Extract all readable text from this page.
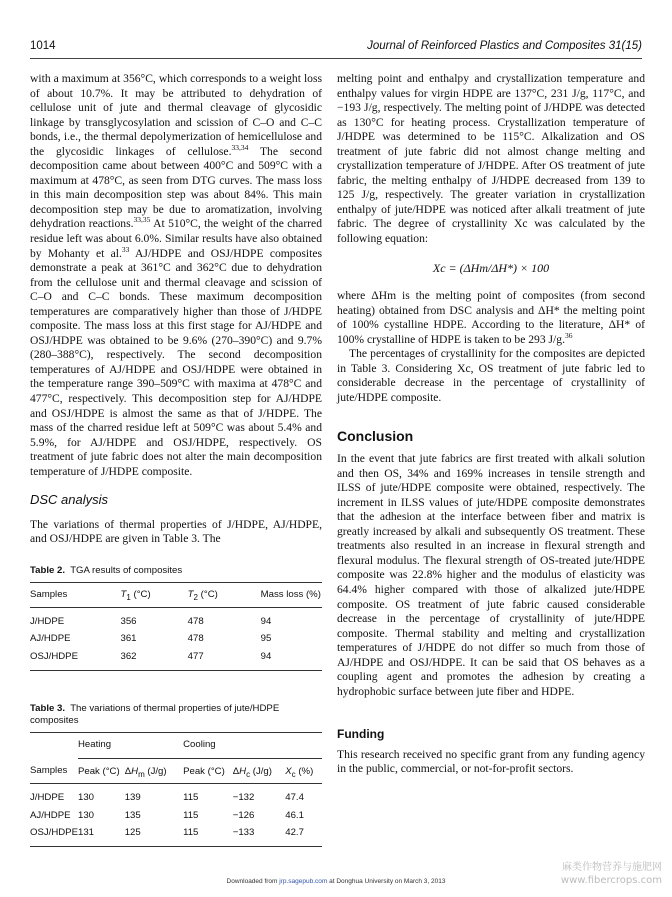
1014	Journal of Reinforced Plastics and Composites 31(15)

with a maximum at 356°C, which corresponds to a weight loss of about 10.7%. It may be attributed to dehydration of cellulose unit of jute and thermal cleavage of glycosidic linkage by transglycosylation and scission of C–O and C–C bonds, i.e., the thermal depolymerization of hemicellulose and the glycosidic linkages of cellulose.$^{33,34}$ The second decomposition came about between 400°C and 509°C with a maximum at 478°C, as seen from DTG curves. The mass loss in this main decomposition step was about 84%. This main decomposition step may be due to aromatization, involving dehydration reactions.$^{33,35}$ At 510°C, the weight of the charred residue left was about 6.0%. Similar results have also obtained by Mohanty et al.$^{33}$ AJ/HDPE and OSJ/HDPE composites demonstrate a peak at 361°C and 362°C due to dehydration from the cellulose unit and thermal cleavage and scission of C–O and C–C bonds. These maximum decomposition temperatures are comparatively higher than those of J/HDPE composite. The mass loss at this first stage for AJ/HDPE and OSJ/HDPE was obtained to be 9.6% (270–390°C) and 9.7% (280–388°C), respectively. The second decomposition temperatures of AJ/HDPE and OSJ/HDPE were obtained in the temperature range 390–509°C with maxima at 478°C and 477°C, respectively. This decomposition step for AJ/HDPE and OSJ/HDPE is almost the same as that of J/HDPE. The mass of the charred residue left at 509°C was about 5.4% and 5.9%, for AJ/HDPE and OSJ/HDPE, respectively. OS treatment of jute fabric does not alter the main decomposition temperature of J/HDPE composite.

DSC analysis

The variations of thermal properties of J/HDPE, AJ/HDPE, and OSJ/HDPE are given in Table 3. The

Table 2. TGA results of composites
Samples	$T_1$ (°C)	$T_2$ (°C)	Mass loss (%)
J/HDPE	356	478	94
AJ/HDPE	361	478	95
OSJ/HDPE	362	477	94
Table 3. The variations of thermal properties of jute/HDPE composites
	Heating		Cooling		
Samples	Peak (°C)	$\Delta H_m$ (J/g)	Peak (°C)	$\Delta H_c$ (J/g)	$X_c$ (%)
J/HDPE	130	139	115	−132	47.4
AJ/HDPE	130	135	115	−126	46.1
OSJ/HDPE	131	125	115	−133	42.7

melting point and enthalpy and crystallization temperature and enthalpy values for virgin HDPE are 137°C, 231 J/g, 117°C, and −193 J/g, respectively. The melting point of J/HDPE was detected as 130°C for heating process. Crystallization temperature of J/HDPE was determined to be 115°C. Alkalization and OS treatment of jute fabric did not almost change melting and crystallization temperature of J/HDPE. After OS treatment of jute fabric, the melting enthalpy of J/HDPE decreased from 139 to 125 J/g, respectively. The greater variation in crystallization enthalpy of jute/HDPE was noticed after alkali treatment of jute fabric. The degree of crystallinity Xc was calculated by the following equation:

Xc = (ΔHm/ΔH*) × 100

where ΔHm is the melting point of composites (from second heating) obtained from DSC analysis and ΔH* the melting point of 100% cystalline HDPE. According to the literature, ΔH* of 100% crystalline of HDPE is taken to be 293 J/g.$^{36}$

The percentages of crystallinity for the composites are depicted in Table 3. Considering Xc, OS treatment of jute fabric led to considerable decrease in the percentage of crystallinity of jute/HDPE composite.

Conclusion

In the event that jute fabrics are first treated with alkali solution and then OS, 34% and 169% increases in tensile strength and ILSS of jute/HDPE composite were obtained, respectively. The increment in ILSS values of jute/HDPE composite demonstrates that the adhesion at the interface between fiber and matrix is greatly increased by alkali and subsequently OS treatment. These treatments also resulted in an increase in flexural strength and flexural modulus. The flexural strength of OS-treated jute/HDPE composite was 22.8% higher and the modulus of elasticity was 64.4% higher compared with those of alkalized jute/HDPE composite. OS treatment of jute fabric caused considerable decrease in the percentage of crystallinity of jute/HDPE composite. Thermal stability and melting and crystallization temperatures of J/HDPE do not differ so much from those of AJ/HDPE and OSJ/HDPE. It can be said that OS behaves as a coupling agent and promotes the adhesion by creating a hydrophobic surface between jute fiber and HDPE.

Funding

This research received no specific grant from any funding agency in the public, commercial, or not-for-profit sectors.

Downloaded from jrp.sagepub.com at Donghua University on March 3, 2013
麻类作物营养与施肥网
www.fibercrops.com
